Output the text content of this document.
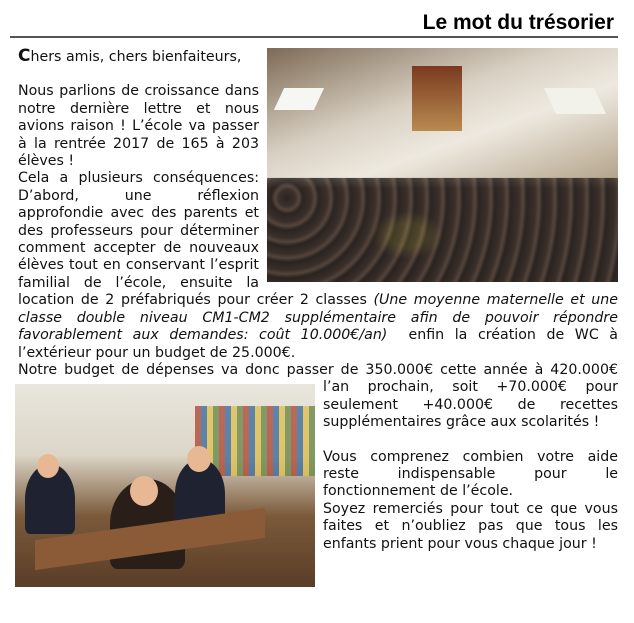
Le mot du trésorier

Chers amis, chers bienfaiteurs,

Nous parlions de croissance dans notre dernière lettre et nous avions raison ! L’école va passer à la rentrée 2017 de 165 à 203 élèves !

Cela a plusieurs conséquences: D’abord, une réflexion approfondie avec des parents et des professeurs pour déterminer comment accepter de nouveaux élèves tout en conservant l’esprit familial de l’école, ensuite la location de 2 préfabriqués pour créer 2 classes (Une moyenne maternelle et une classe double niveau CM1-CM2 supplémentaire afin de pouvoir répondre favorablement aux demandes: coût 10.000€/an)  enfin la création de WC à l’extérieur pour un budget de 25.000€.

Notre budget de dépenses va donc passer de 350.000€ cette année à 420.000€ l’an prochain, soit +70.000€ pour seulement +40.000€ de recettes supplémentaires grâce aux scolarités !

Vous comprenez combien votre aide reste indispensable pour le fonctionnement de l’école.

Soyez remerciés pour tout ce que vous faites et n’oubliez pas que tous les enfants prient pour vous chaque jour !
